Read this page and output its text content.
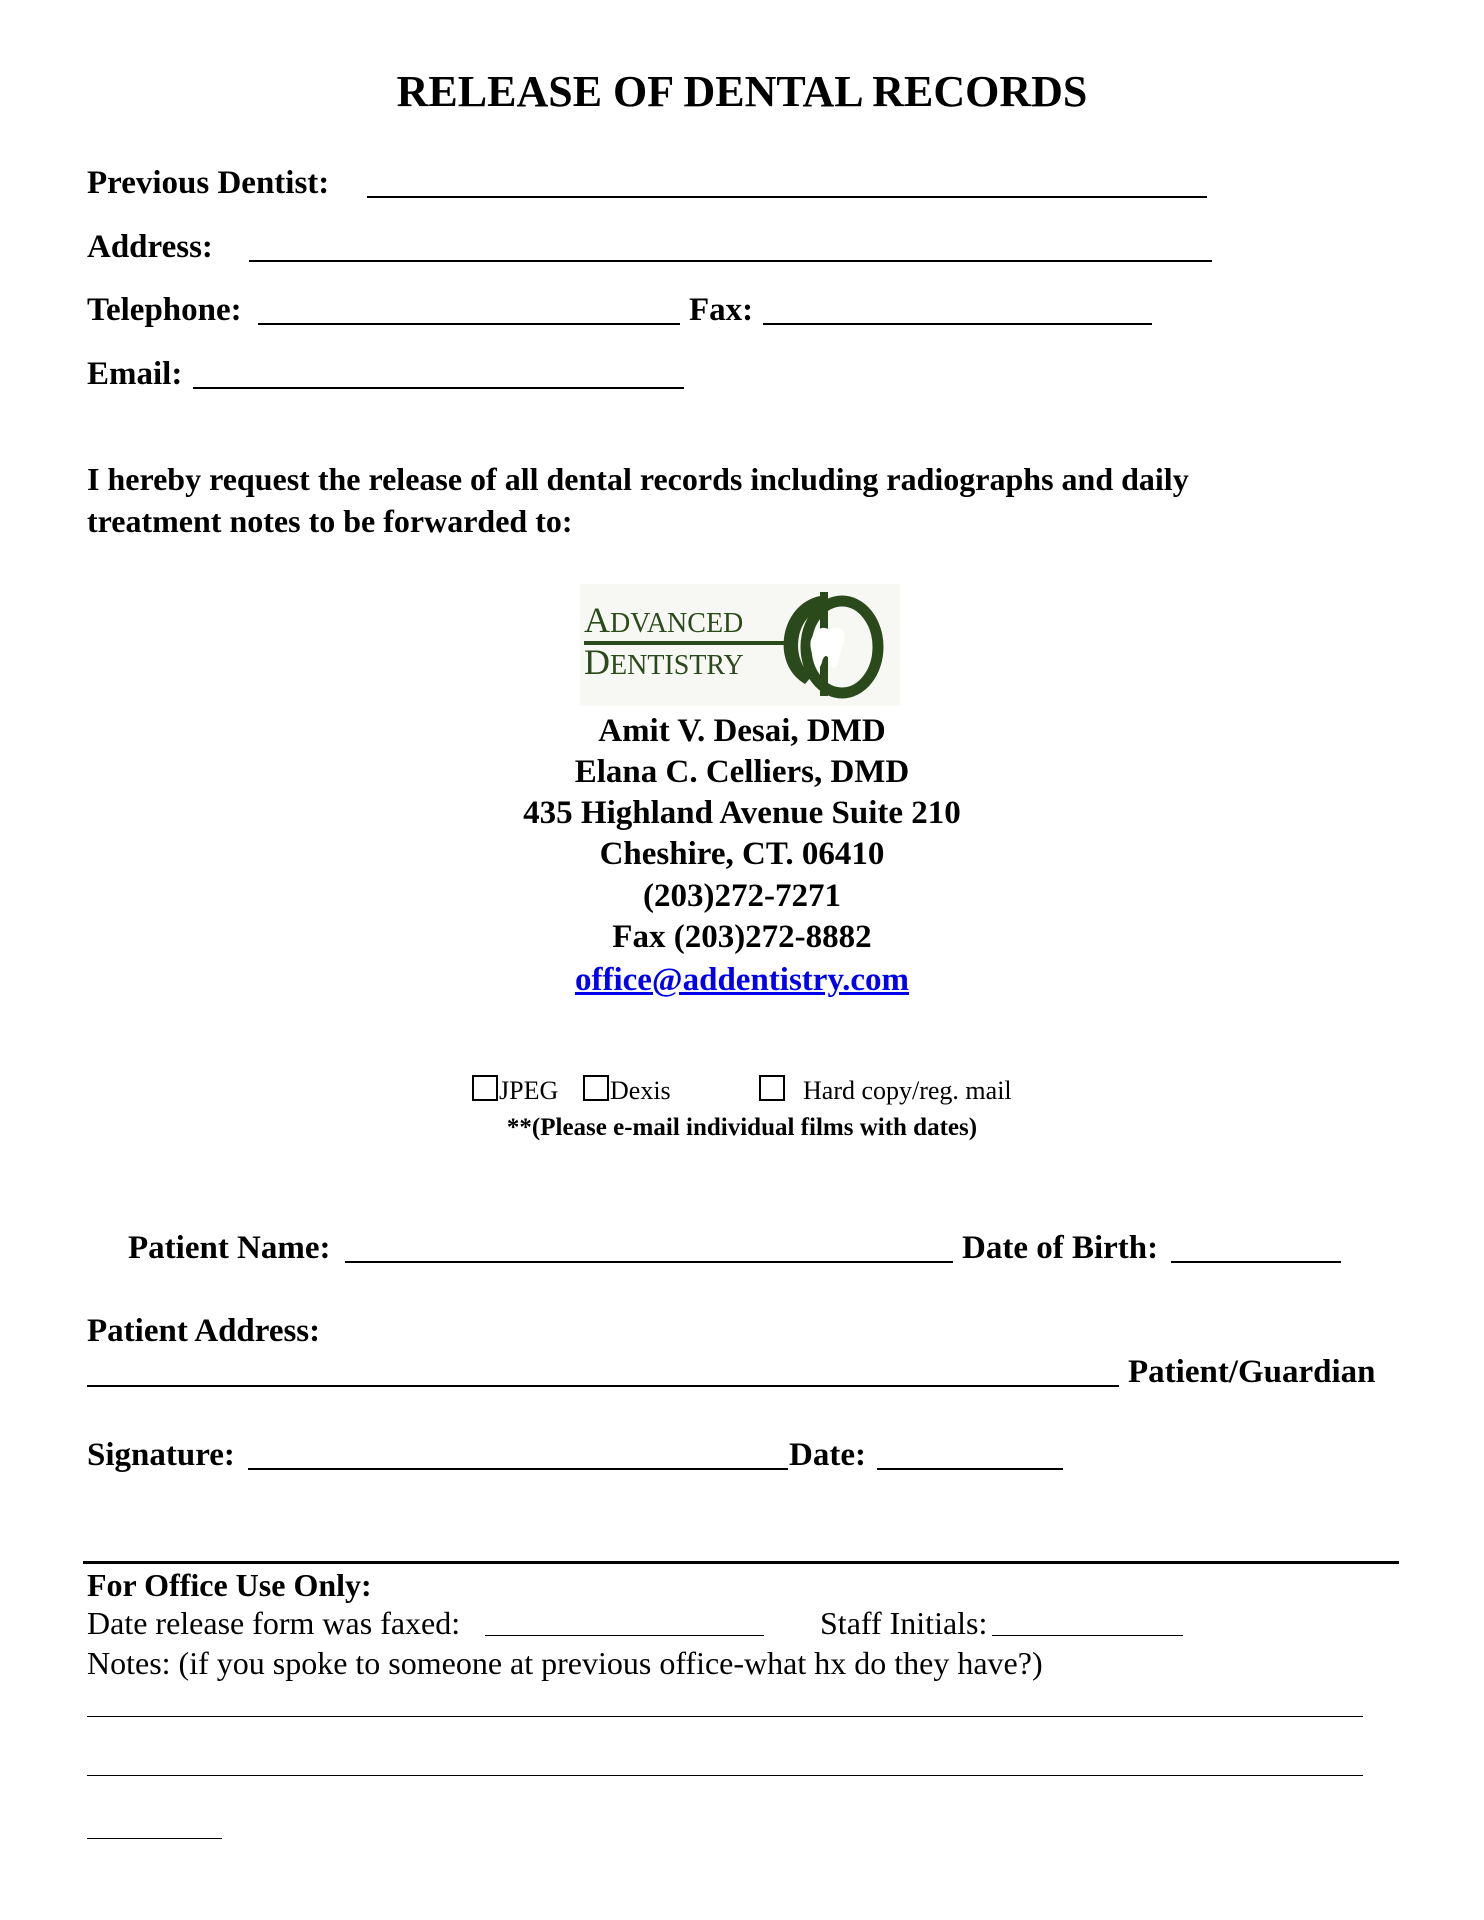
RELEASE OF DENTAL RECORDS
Previous Dentist:
Address:
Telephone:	Fax:
Email:
I hereby request the release of all dental records including radiographs and daily
treatment notes to be forwarded to:
ADVANCED
DENTISTRY
Amit V. Desai, DMD
Elana C. Celliers, DMD
435 Highland Avenue Suite 210
Cheshire, CT. 06410
(203)272-7271
Fax (203)272-8882
office@addentistry.com
JPEG	Dexis	Hard copy/reg. mail
**(Please e-mail individual films with dates)
Patient Name:	Date of Birth:
Patient Address:
Patient/Guardian
Signature:	Date:
For Office Use Only:
Date release form was faxed:	Staff Initials:
Notes: (if you spoke to someone at previous office-what hx do they have?)
